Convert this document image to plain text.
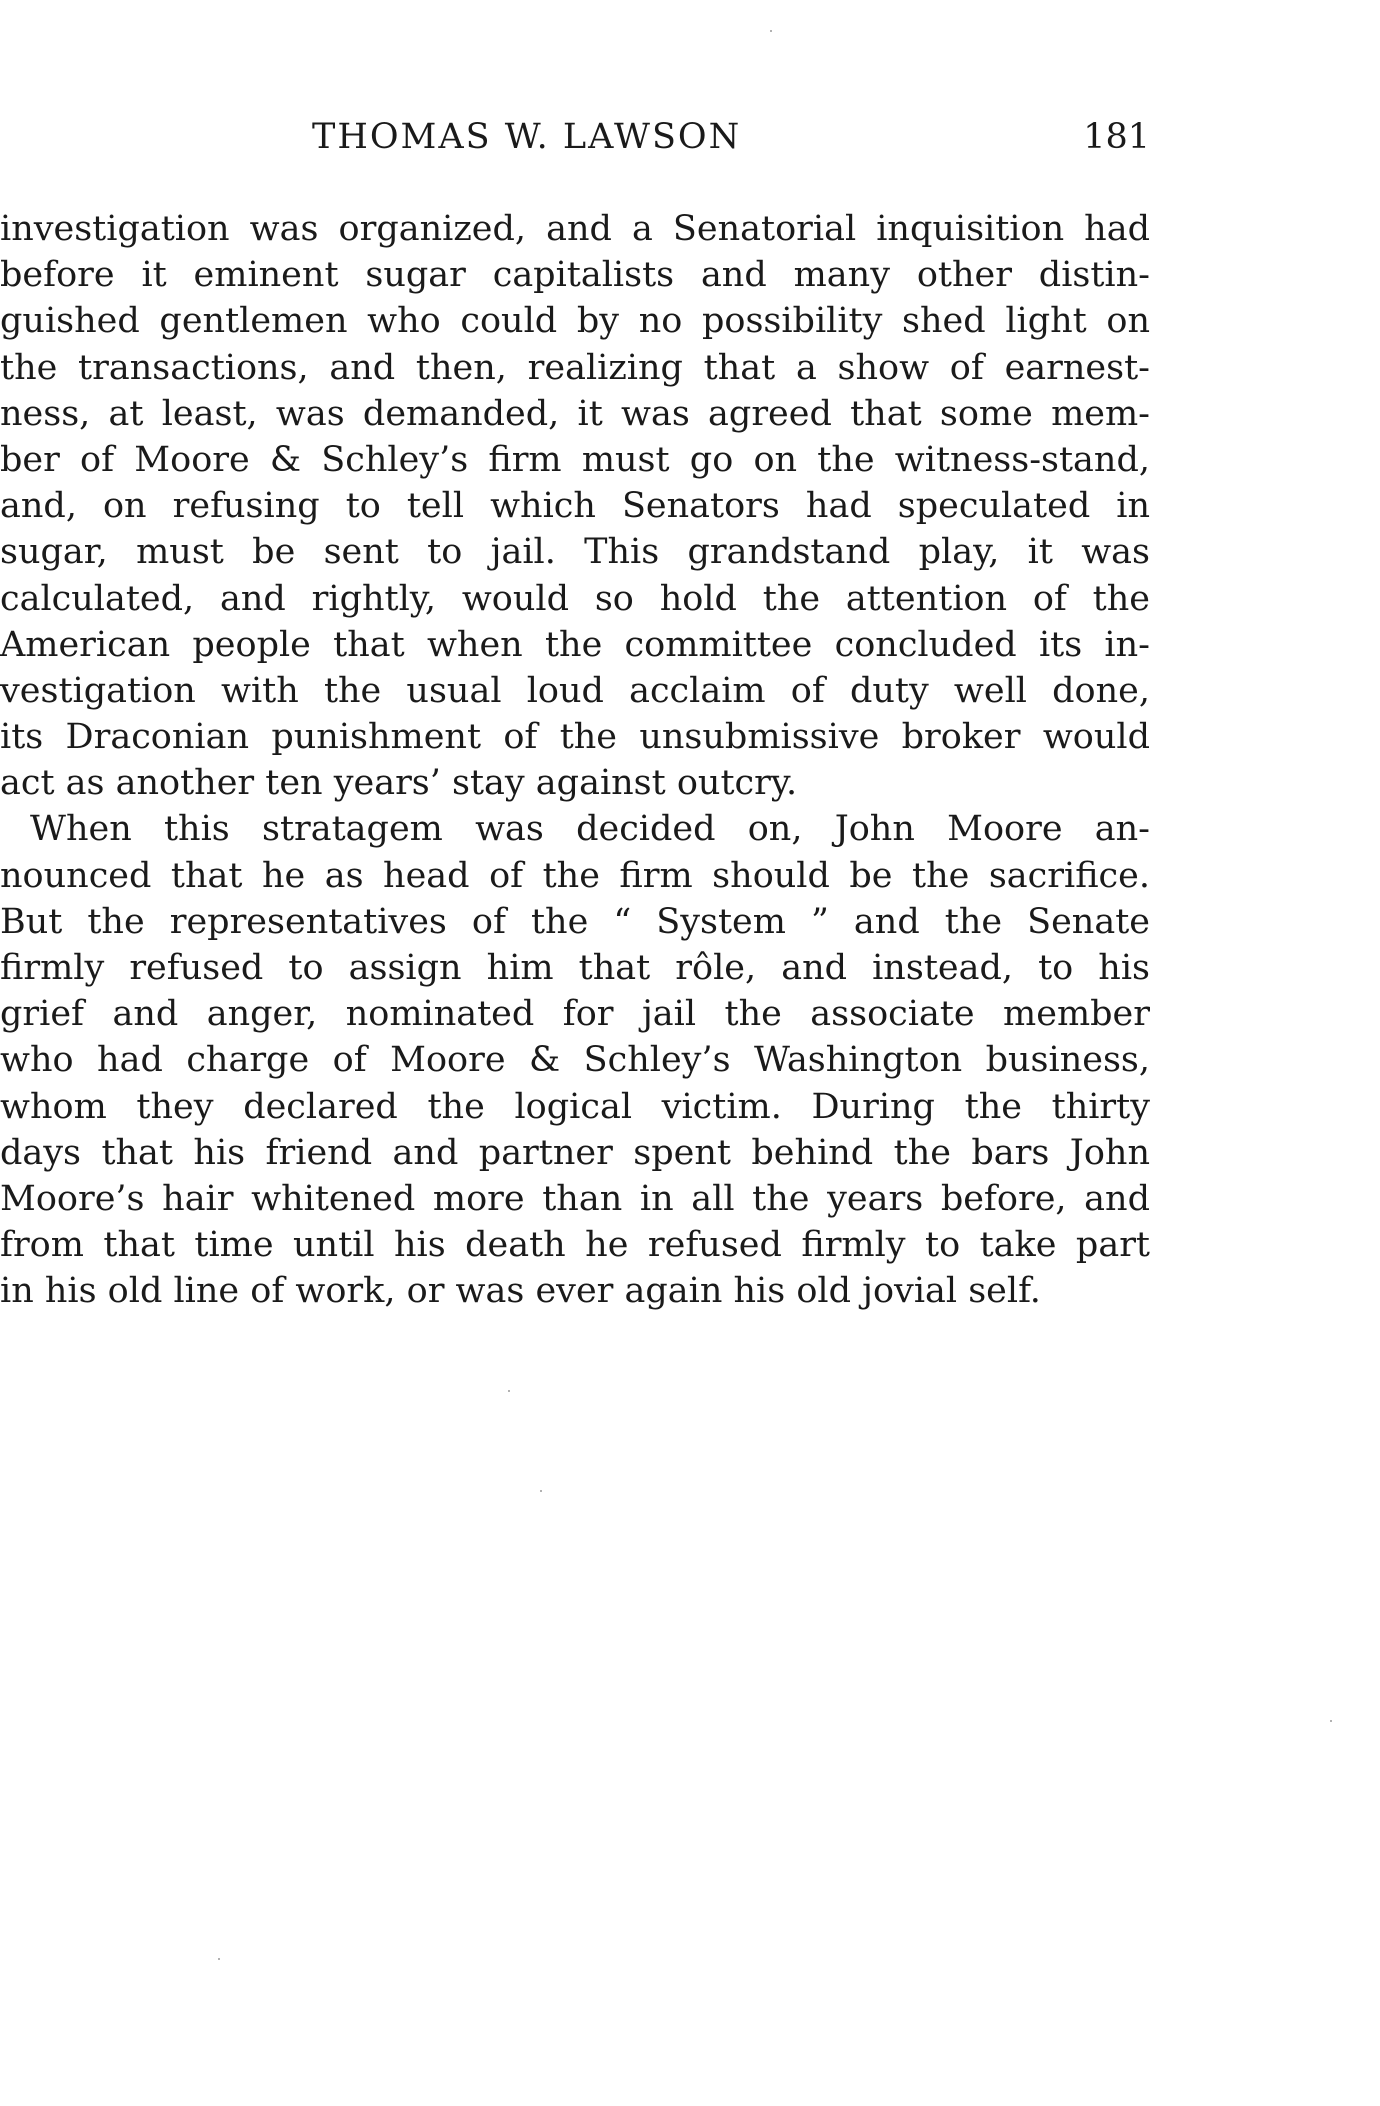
THOMAS W. LAWSON	181
investigation was organized, and a Senatorial inquisition had
before it eminent sugar capitalists and many other distin-
guished gentlemen who could by no possibility shed light on
the transactions, and then, realizing that a show of earnest-
ness, at least, was demanded, it was agreed that some mem-
ber of Moore & Schley’s firm must go on the witness-stand,
and, on refusing to tell which Senators had speculated in
sugar, must be sent to jail. This grandstand play, it was
calculated, and rightly, would so hold the attention of the
American people that when the committee concluded its in-
vestigation with the usual loud acclaim of duty well done,
its Draconian punishment of the unsubmissive broker would
act as another ten years’ stay against outcry.
When this stratagem was decided on, John Moore an-
nounced that he as head of the firm should be the sacrifice.
But the representatives of the “ System ” and the Senate
firmly refused to assign him that rôle, and instead, to his
grief and anger, nominated for jail the associate member
who had charge of Moore & Schley’s Washington business,
whom they declared the logical victim. During the thirty
days that his friend and partner spent behind the bars John
Moore’s hair whitened more than in all the years before, and
from that time until his death he refused firmly to take part
in his old line of work, or was ever again his old jovial self.
